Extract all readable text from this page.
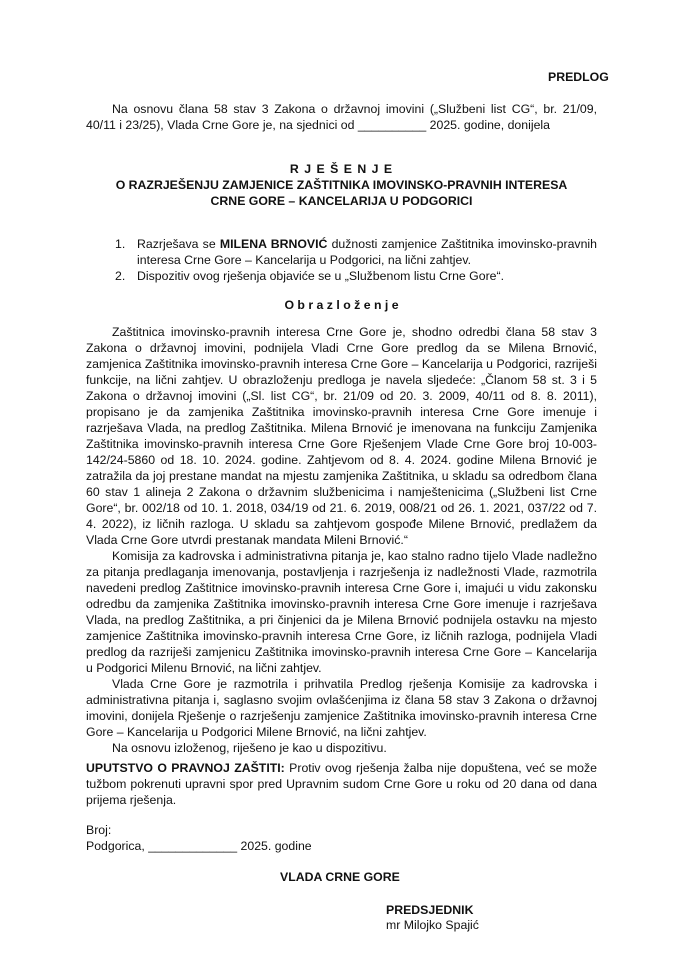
PREDLOG

Na osnovu člana 58 stav 3 Zakona o državnoj imovini („Službeni list CG“, br. 21/09, 40/11 i 23/25), Vlada Crne Gore je, na sjednici od __________ 2025. godine, donijela

R J E Š E N J E
O RAZRJEŠENJU ZAMJENICE ZAŠTITNIKA IMOVINSKO-PRAVNIH INTERESA
CRNE GORE – KANCELARIJA U PODGORICI
1. Razrješava se MILENA BRNOVIĆ dužnosti zamjenice Zaštitnika imovinsko-pravnih interesa Crne Gore – Kancelarija u Podgorici, na lični zahtjev.
2. Dispozitiv ovog rješenja objaviće se u „Službenom listu Crne Gore“.
O b r a z l o ž e n j e

Zaštitnica imovinsko-pravnih interesa Crne Gore je, shodno odredbi člana 58 stav 3 Zakona o državnoj imovini, podnijela Vladi Crne Gore predlog da se Milena Brnović, zamjenica Zaštitnika imovinsko-pravnih interesa Crne Gore – Kancelarija u Podgorici, razriješi funkcije, na lični zahtjev. U obrazloženju predloga je navela sljedeće: „Članom 58 st. 3 i 5 Zakona o državnoj imovini („Sl. list CG“, br. 21/09 od 20. 3. 2009, 40/11 od 8. 8. 2011), propisano je da zamjenika Zaštitnika imovinsko-pravnih interesa Crne Gore imenuje i razrješava Vlada, na predlog Zaštitnika. Milena Brnović je imenovana na funkciju Zamjenika Zaštitnika imovinsko-pravnih interesa Crne Gore Rješenjem Vlade Crne Gore broj 10-003-142/24-5860 od 18. 10. 2024. godine. Zahtjevom od 8. 4. 2024. godine Milena Brnović je zatražila da joj prestane mandat na mjestu zamjenika Zaštitnika, u skladu sa odredbom člana 60 stav 1 alineja 2 Zakona o državnim službenicima i namještenicima („Službeni list Crne Gore“, br. 002/18 od 10. 1. 2018, 034/19 od 21. 6. 2019, 008/21 od 26. 1. 2021, 037/22 od 7. 4. 2022), iz ličnih razloga. U skladu sa zahtjevom gospođe Milene Brnović, predlažem da Vlada Crne Gore utvrdi prestanak mandata Mileni Brnović.“

Komisija za kadrovska i administrativna pitanja je, kao stalno radno tijelo Vlade nadležno za pitanja predlaganja imenovanja, postavljenja i razrješenja iz nadležnosti Vlade, razmotrila navedeni predlog Zaštitnice imovinsko-pravnih interesa Crne Gore i, imajući u vidu zakonsku odredbu da zamjenika Zaštitnika imovinsko-pravnih interesa Crne Gore imenuje i razrješava Vlada, na predlog Zaštitnika, a pri činjenici da je Milena Brnović podnijela ostavku na mjesto zamjenice Zaštitnika imovinsko-pravnih interesa Crne Gore, iz ličnih razloga, podnijela Vladi predlog da razriješi zamjenicu Zaštitnika imovinsko-pravnih interesa Crne Gore – Kancelarija u Podgorici Milenu Brnović, na lični zahtjev.

Vlada Crne Gore je razmotrila i prihvatila Predlog rješenja Komisije za kadrovska i administrativna pitanja i, saglasno svojim ovlašćenjima iz člana 58 stav 3 Zakona o državnoj imovini, donijela Rješenje o razrješenju zamjenice Zaštitnika imovinsko-pravnih interesa Crne Gore – Kancelarija u Podgorici Milene Brnović, na lični zahtjev.

Na osnovu izloženog, riješeno je kao u dispozitivu.

UPUTSTVO O PRAVNOJ ZAŠTITI: Protiv ovog rješenja žalba nije dopuštena, već se može tužbom pokrenuti upravni spor pred Upravnim sudom Crne Gore u roku od 20 dana od dana prijema rješenja.

Broj:
Podgorica, _____________ 2025. godine
VLADA CRNE GORE
PREDSJEDNIK
mr Milojko Spajić
